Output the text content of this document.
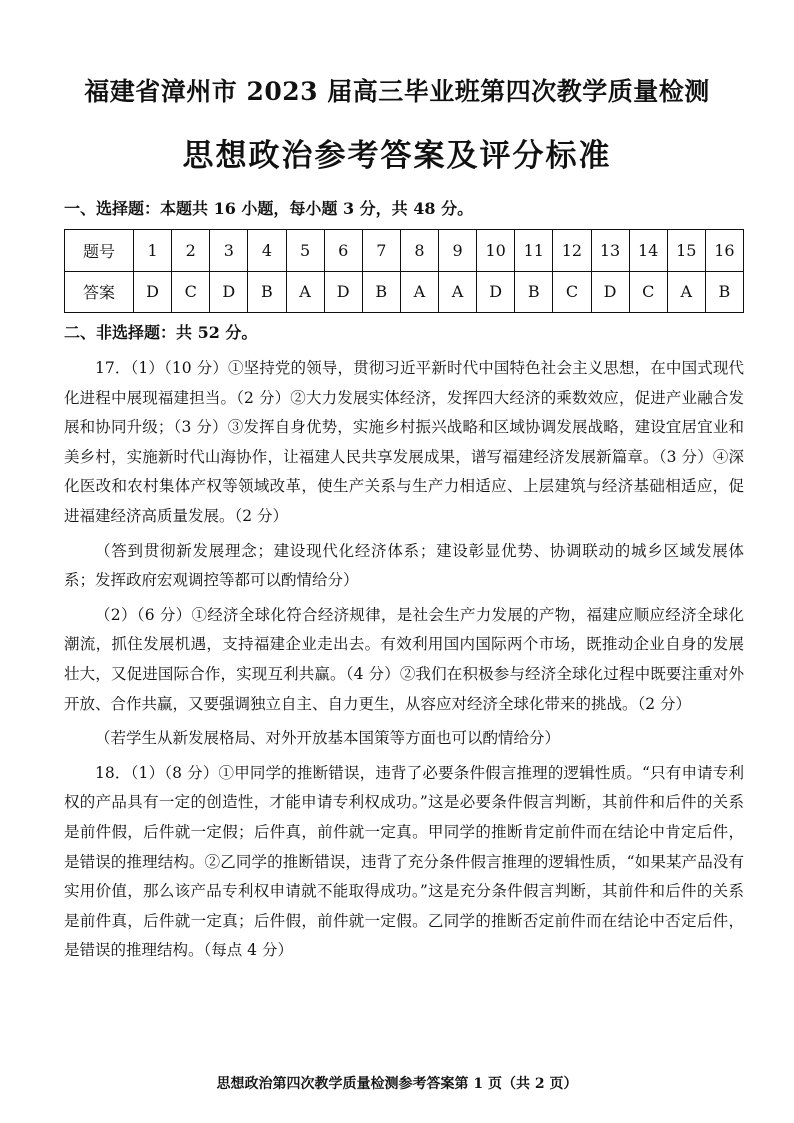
福建省漳州市 2023 届高三毕业班第四次教学质量检测
思想政治参考答案及评分标准
一、选择题：本题共 16 小题，每小题 3 分，共 48 分。
题号	1	2	3	4	5	6	7	8	9	10	11	12	13	14	15	16
答案	D	C	D	B	A	D	B	A	A	D	B	C	D	C	A	B
二、非选择题：共 52 分。

17．（1）（10 分）①坚持党的领导，贯彻习近平新时代中国特色社会主义思想，在中国式现代化进程中展现福建担当。（2 分）②大力发展实体经济，发挥四大经济的乘数效应，促进产业融合发展和协同升级；（3 分）③发挥自身优势，实施乡村振兴战略和区域协调发展战略，建设宜居宜业和美乡村，实施新时代山海协作，让福建人民共享发展成果，谱写福建经济发展新篇章。（3 分）④深化医改和农村集体产权等领域改革，使生产关系与生产力相适应、上层建筑与经济基础相适应，促进福建经济高质量发展。（2 分）

（答到贯彻新发展理念；建设现代化经济体系；建设彰显优势、协调联动的城乡区域发展体系；发挥政府宏观调控等都可以酌情给分）

（2）（6 分）①经济全球化符合经济规律，是社会生产力发展的产物，福建应顺应经济全球化潮流，抓住发展机遇，支持福建企业走出去。有效利用国内国际两个市场，既推动企业自身的发展壮大，又促进国际合作，实现互利共赢。（4 分）②我们在积极参与经济全球化过程中既要注重对外开放、合作共赢，又要强调独立自主、自力更生，从容应对经济全球化带来的挑战。（2 分）

（若学生从新发展格局、对外开放基本国策等方面也可以酌情给分）

18．（1）（8 分）①甲同学的推断错误，违背了必要条件假言推理的逻辑性质。“只有申请专利权的产品具有一定的创造性，才能申请专利权成功。”这是必要条件假言判断，其前件和后件的关系是前件假，后件就一定假；后件真，前件就一定真。甲同学的推断肯定前件而在结论中肯定后件，是错误的推理结构。②乙同学的推断错误，违背了充分条件假言推理的逻辑性质，“如果某产品没有实用价值，那么该产品专利权申请就不能取得成功。”这是充分条件假言判断，其前件和后件的关系是前件真，后件就一定真；后件假，前件就一定假。乙同学的推断否定前件而在结论中否定后件，是错误的推理结构。（每点 4 分）

思想政治第四次教学质量检测参考答案第 1 页（共 2 页）
